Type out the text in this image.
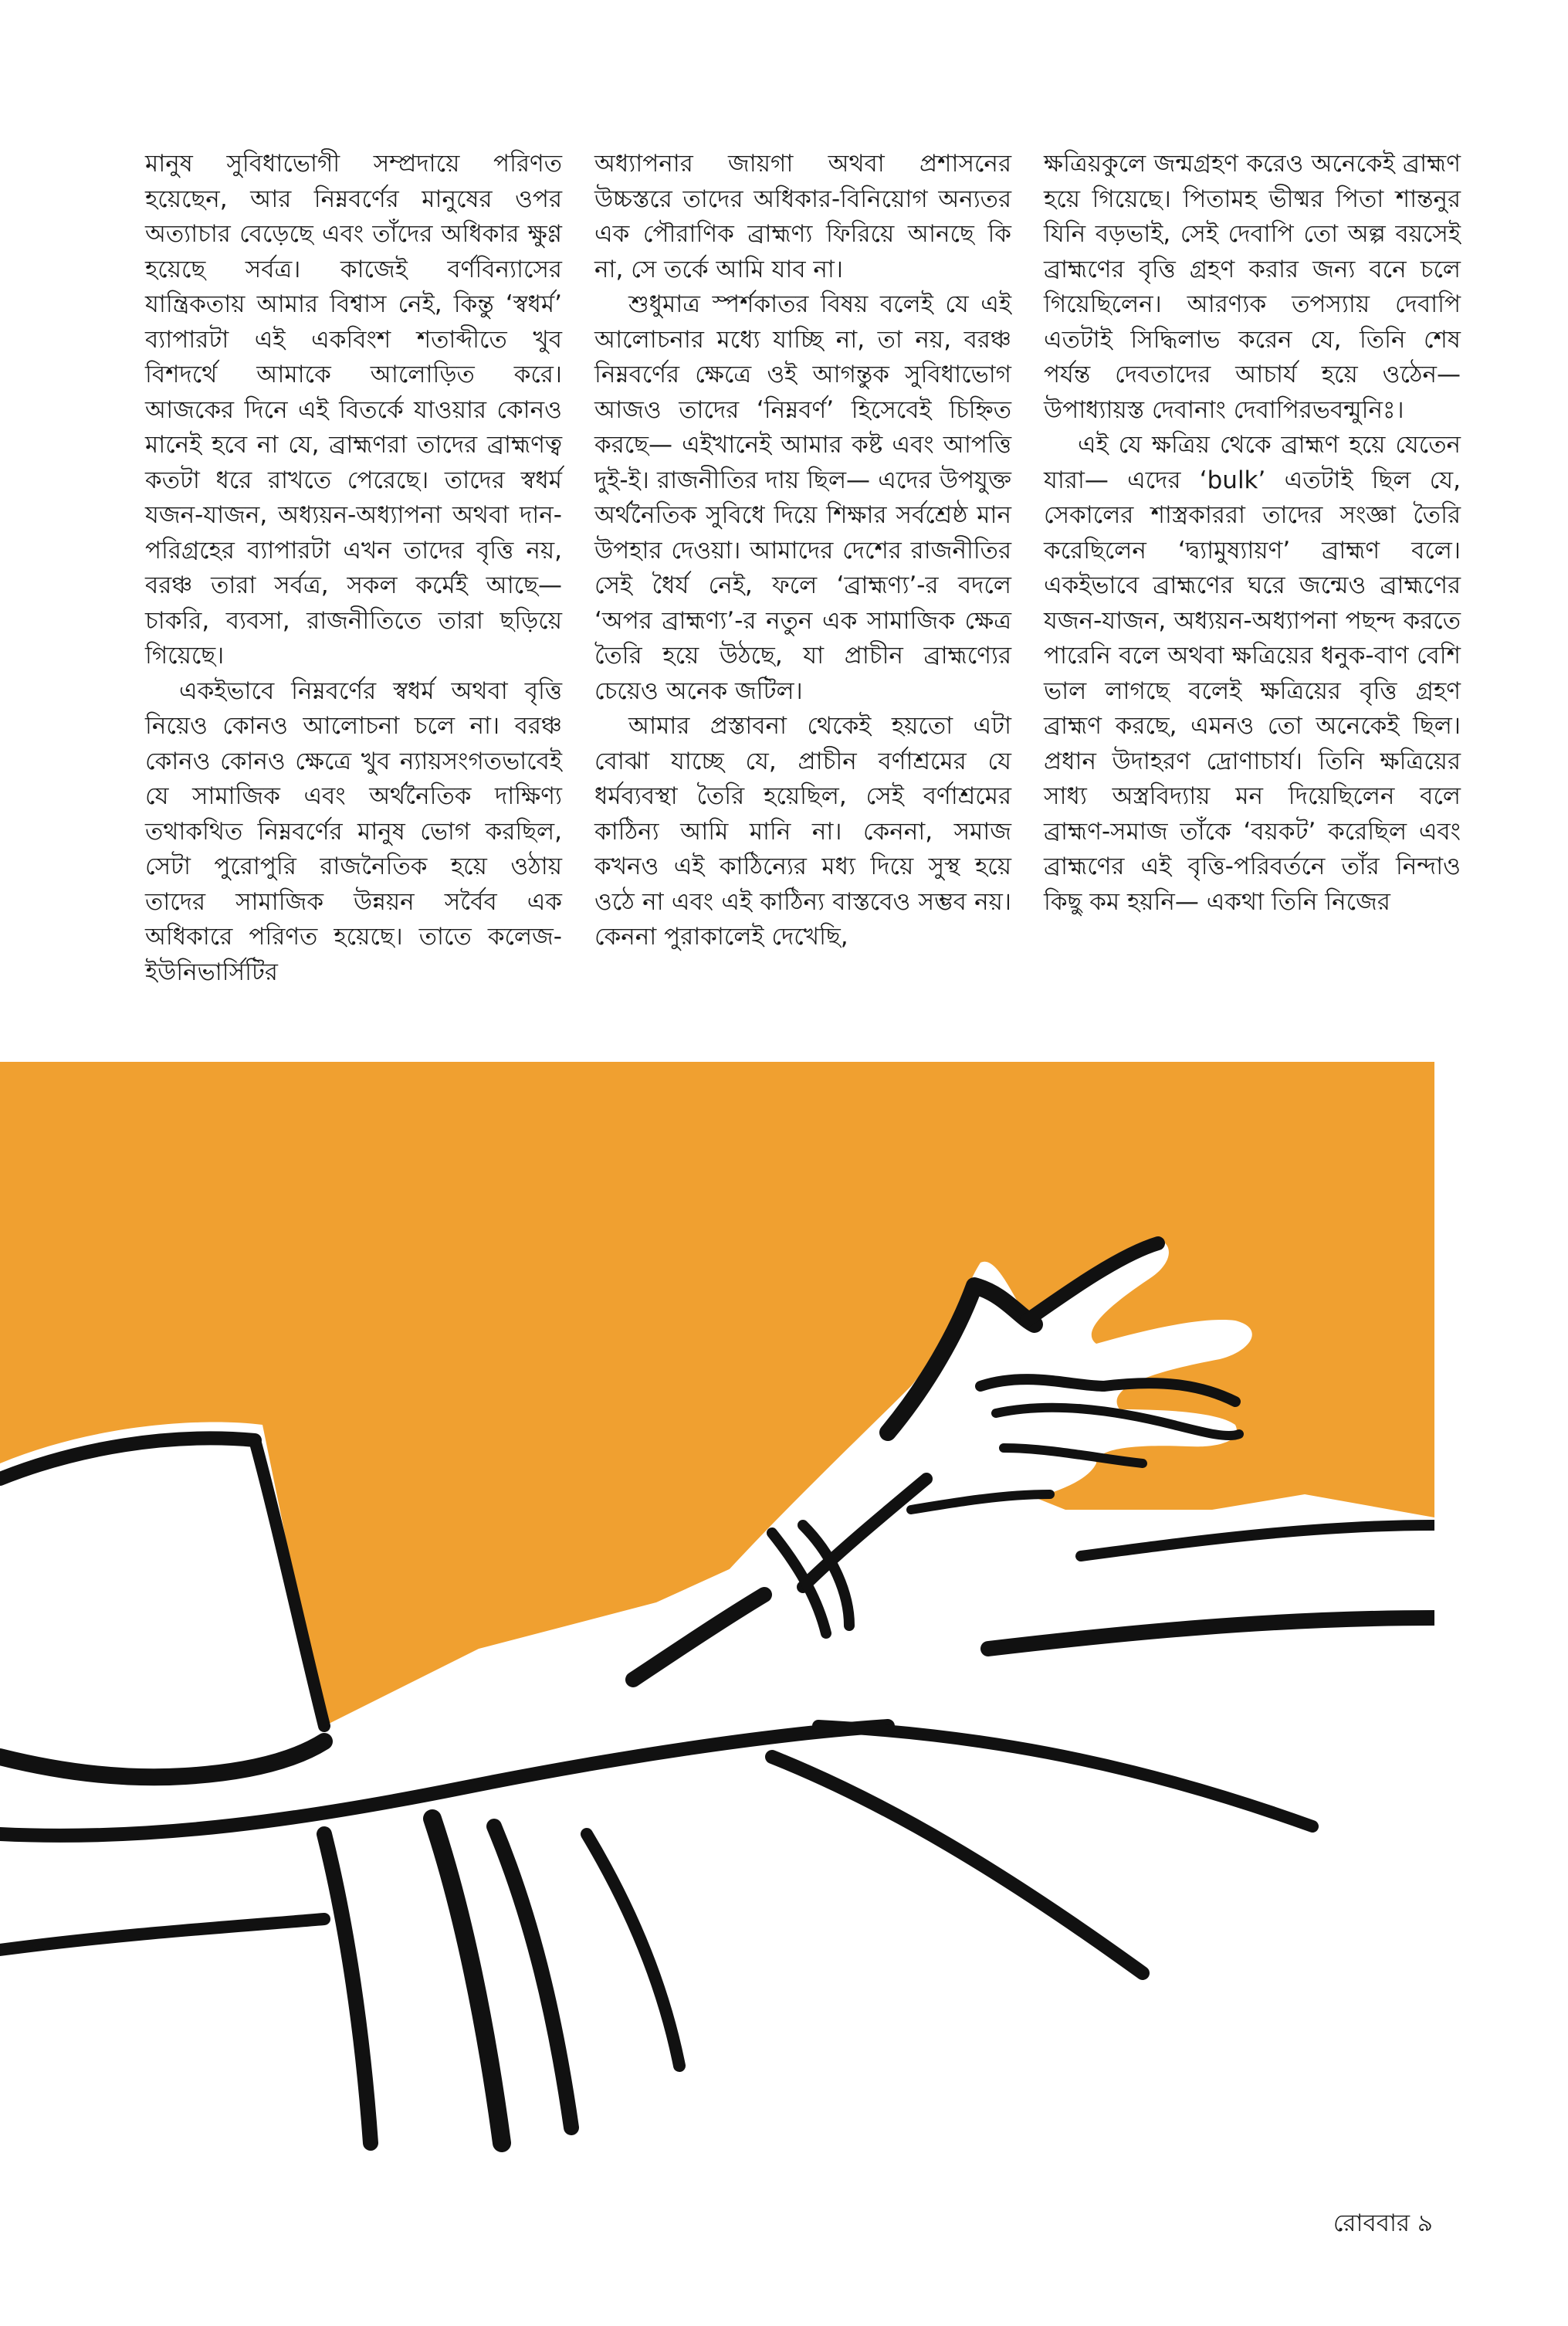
মানুষ সুবিধাভোগী সম্প্রদায়ে পরিণত হয়েছেন, আর নিম্নবর্ণের মানুষের ওপর অত্যাচার বেড়েছে এবং তাঁদের অধিকার ক্ষুণ্ণ হয়েছে সর্বত্র। কাজেই বর্ণবিন্যাসের যান্ত্রিকতায় আমার বিশ্বাস নেই, কিন্তু ‘স্বধর্ম’ ব্যাপারটা এই একবিংশ শতাব্দীতে খুব বিশদর্থে আমাকে আলোড়িত করে। আজকের দিনে এই বিতর্কে যাওয়ার কোনও মানেই হবে না যে, ব্রাহ্মণরা তাদের ব্রাহ্মণত্ব কতটা ধরে রাখতে পেরেছে। তাদের স্বধর্ম যজন-যাজন, অধ্যয়ন-অধ্যাপনা অথবা দান-পরিগ্রহের ব্যাপারটা এখন তাদের বৃত্তি নয়, বরঞ্চ তারা সর্বত্র, সকল কর্মেই আছে— চাকরি, ব্যবসা, রাজনীতিতে তারা ছড়িয়ে গিয়েছে।

একইভাবে নিম্নবর্ণের স্বধর্ম অথবা বৃত্তি নিয়েও কোনও আলোচনা চলে না। বরঞ্চ কোনও কোনও ক্ষেত্রে খুব ন্যায়সংগতভাবেই যে সামাজিক এবং অর্থনৈতিক দাক্ষিণ্য তথাকথিত নিম্নবর্ণের মানুষ ভোগ করছিল, সেটা পুরোপুরি রাজনৈতিক হয়ে ওঠায় তাদের সামাজিক উন্নয়ন সর্বৈব এক অধিকারে পরিণত হয়েছে। তাতে কলেজ-ইউনিভার্সিটির

অধ্যাপনার জায়গা অথবা প্রশাসনের উচ্চস্তরে তাদের অধিকার-বিনিয়োগ অন্যতর এক পৌরাণিক ব্রাহ্মণ্য ফিরিয়ে আনছে কি না, সে তর্কে আমি যাব না।

শুধুমাত্র স্পর্শকাতর বিষয় বলেই যে এই আলোচনার মধ্যে যাচ্ছি না, তা নয়, বরঞ্চ নিম্নবর্ণের ক্ষেত্রে ওই আগন্তুক সুবিধাভোগ আজও তাদের ‘নিম্নবর্ণ’ হিসেবেই চিহ্নিত করছে— এইখানেই আমার কষ্ট এবং আপত্তি দুই-ই। রাজনীতির দায় ছিল— এদের উপযুক্ত অর্থনৈতিক সুবিধে দিয়ে শিক্ষার সর্বশ্রেষ্ঠ মান উপহার দেওয়া। আমাদের দেশের রাজনীতির সেই ধৈর্য নেই, ফলে ‘ব্রাহ্মণ্য’-র বদলে ‘অপর ব্রাহ্মণ্য’-র নতুন এক সামাজিক ক্ষেত্র তৈরি হয়ে উঠছে, যা প্রাচীন ব্রাহ্মণ্যের চেয়েও অনেক জটিল।

আমার প্রস্তাবনা থেকেই হয়তো এটা বোঝা যাচ্ছে যে, প্রাচীন বর্ণাশ্রমের যে ধর্মব্যবস্থা তৈরি হয়েছিল, সেই বর্ণাশ্রমের কাঠিন্য আমি মানি না। কেননা, সমাজ কখনও এই কাঠিন্যের মধ্য দিয়ে সুস্থ হয়ে ওঠে না এবং এই কাঠিন্য বাস্তবেও সম্ভব নয়। কেননা পুরাকালেই দেখেছি,

ক্ষত্রিয়কুলে জন্মগ্রহণ করেও অনেকেই ব্রাহ্মণ হয়ে গিয়েছে। পিতামহ ভীষ্মর পিতা শান্তনুর যিনি বড়ভাই, সেই দেবাপি তো অল্প বয়সেই ব্রাহ্মণের বৃত্তি গ্রহণ করার জন্য বনে চলে গিয়েছিলেন। আরণ্যক তপস্যায় দেবাপি এতটাই সিদ্ধিলাভ করেন যে, তিনি শেষ পর্যন্ত দেবতাদের আচার্য হয়ে ওঠেন— উপাধ্যায়স্ত দেবানাং দেবাপিরভবন্মুনিঃ।

এই যে ক্ষত্রিয় থেকে ব্রাহ্মণ হয়ে যেতেন যারা— এদের ‘bulk’ এতটাই ছিল যে, সেকালের শাস্ত্রকাররা তাদের সংজ্ঞা তৈরি করেছিলেন ‘দ্ব্যামুষ্যায়ণ’ ব্রাহ্মণ বলে। একইভাবে ব্রাহ্মণের ঘরে জন্মেও ব্রাহ্মণের যজন-যাজন, অধ্যয়ন-অধ্যাপনা পছন্দ করতে পারেনি বলে অথবা ক্ষত্রিয়ের ধনুক-বাণ বেশি ভাল লাগছে বলেই ক্ষত্রিয়ের বৃত্তি গ্রহণ ব্রাহ্মণ করছে, এমনও তো অনেকেই ছিল। প্রধান উদাহরণ দ্রোণাচার্য। তিনি ক্ষত্রিয়ের সাধ্য অস্ত্রবিদ্যায় মন দিয়েছিলেন বলে ব্রাহ্মণ-সমাজ তাঁকে ‘বয়কট’ করেছিল এবং ব্রাহ্মণের এই বৃত্তি-পরিবর্তনে তাঁর নিন্দাও কিছু কম হয়নি— একথা তিনি নিজের

রোববার ৯
